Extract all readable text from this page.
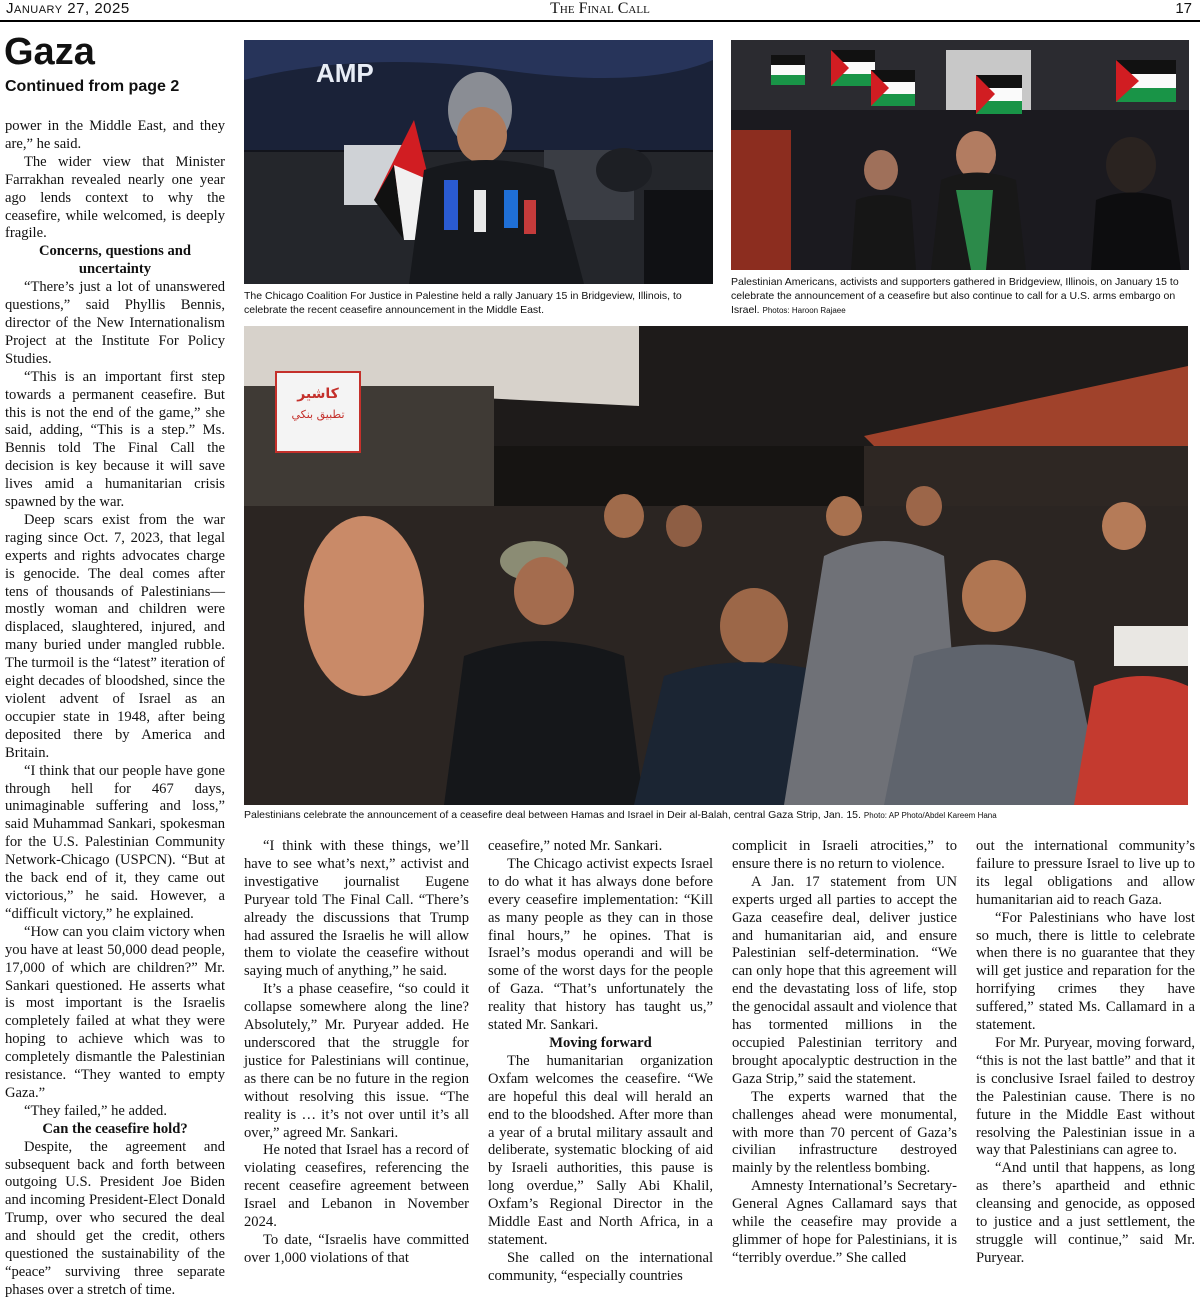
January 27, 2025	The Final Call	17
Gaza
Continued from page 2

power in the Middle East, and they are,” he said.

The wider view that Minister Farrakhan revealed nearly one year ago lends context to why the ceasefire, while welcomed, is deeply fragile.

Concerns, questions and uncertainty

“There’s just a lot of unanswered questions,” said Phyllis Bennis, director of the New Internationalism Project at the Institute For Policy Studies.

“This is an important first step towards a permanent ceasefire. But this is not the end of the game,” she said, adding, “This is a step.” Ms. Bennis told The Final Call the decision is key because it will save lives amid a humanitarian crisis spawned by the war.

Deep scars exist from the war raging since Oct. 7, 2023, that legal experts and rights advocates charge is genocide. The deal comes after tens of thousands of Palestinians—mostly woman and children were displaced, slaughtered, injured, and many buried under mangled rubble. The turmoil is the “latest” iteration of eight decades of bloodshed, since the violent advent of Israel as an occupier state in 1948, after being deposited there by America and Britain.

“I think that our people have gone through hell for 467 days, unimaginable suffering and loss,” said Muhammad Sankari, spokesman for the U.S. Palestinian Community Network-Chicago (USPCN). “But at the back end of it, they came out victorious,” he said. However, a “difficult victory,” he explained.

“How can you claim victory when you have at least 50,000 dead people, 17,000 of which are children?” Mr. Sankari questioned. He asserts what is most important is the Israelis completely failed at what they were hoping to achieve which was to completely dismantle the Palestinian resistance. “They wanted to empty Gaza.”

“They failed,” he added.

Can the ceasefire hold?

Despite, the agreement and subsequent back and forth between outgoing U.S. President Joe Biden and incoming President-Elect Donald Trump, over who secured the deal and should get the credit, others questioned the sustainability of the “peace” surviving three separate phases over a stretch of time.

AMP
The Chicago Coalition For Justice in Palestine held a rally January 15 in Bridgeview, Illinois, to celebrate the recent ceasefire announcement in the Middle East.
Palestinian Americans, activists and supporters gathered in Bridgeview, Illinois, on January 15 to celebrate the announcement of a ceasefire but also continue to call for a U.S. arms embargo on Israel. Photos: Haroon Rajaee
كاشير
تطبيق بنكي
Palestinians celebrate the announcement of a ceasefire deal between Hamas and Israel in Deir al-Balah, central Gaza Strip, Jan. 15. Photo: AP Photo/Abdel Kareem Hana

“I think with these things, we’ll have to see what’s next,” activist and investigative journalist Eugene Puryear told The Final Call. “There’s already the discussions that Trump had assured the Israelis he will allow them to violate the ceasefire without saying much of anything,” he said.

It’s a phase ceasefire, “so could it collapse somewhere along the line? Absolutely,” Mr. Puryear added. He underscored that the struggle for justice for Palestinians will continue, as there can be no future in the region without resolving this issue. “The reality is … it’s not over until it’s all over,” agreed Mr. Sankari.

He noted that Israel has a record of violating ceasefires, referencing the recent ceasefire agreement between Israel and Lebanon in November 2024.

To date, “Israelis have committed over 1,000 violations of that

ceasefire,” noted Mr. Sankari.

The Chicago activist expects Israel to do what it has always done before every ceasefire implementation: “Kill as many people as they can in those final hours,” he opines. That is Israel’s modus operandi and will be some of the worst days for the people of Gaza. “That’s unfortunately the reality that history has taught us,” stated Mr. Sankari.

Moving forward

The humanitarian organization Oxfam welcomes the ceasefire. “We are hopeful this deal will herald an end to the bloodshed. After more than a year of a brutal military assault and deliberate, systematic blocking of aid by Israeli authorities, this pause is long overdue,” Sally Abi Khalil, Oxfam’s Regional Director in the Middle East and North Africa, in a statement.

She called on the international community, “especially countries

complicit in Israeli atrocities,” to ensure there is no return to violence.

A Jan. 17 statement from UN experts urged all parties to accept the Gaza ceasefire deal, deliver justice and humanitarian aid, and ensure Palestinian self-determination. “We can only hope that this agreement will end the devastating loss of life, stop the genocidal assault and violence that has tormented millions in the occupied Palestinian territory and brought apocalyptic destruction in the Gaza Strip,” said the statement.

The experts warned that the challenges ahead were monumental, with more than 70 percent of Gaza’s civilian infrastructure destroyed mainly by the relentless bombing.

Amnesty International’s Secretary-General Agnes Callamard says that while the ceasefire may provide a glimmer of hope for Palestinians, it is “terribly overdue.” She called

out the international community’s failure to pressure Israel to live up to its legal obligations and allow humanitarian aid to reach Gaza.

“For Palestinians who have lost so much, there is little to celebrate when there is no guarantee that they will get justice and reparation for the horrifying crimes they have suffered,” stated Ms. Callamard in a statement.

For Mr. Puryear, moving forward, “this is not the last battle” and that it is conclusive Israel failed to destroy the Palestinian cause. There is no future in the Middle East without resolving the Palestinian issue in a way that Palestinians can agree to.

“And until that happens, as long as there’s apartheid and ethnic cleansing and genocide, as opposed to justice and a just settlement, the struggle will continue,” said Mr. Puryear.
